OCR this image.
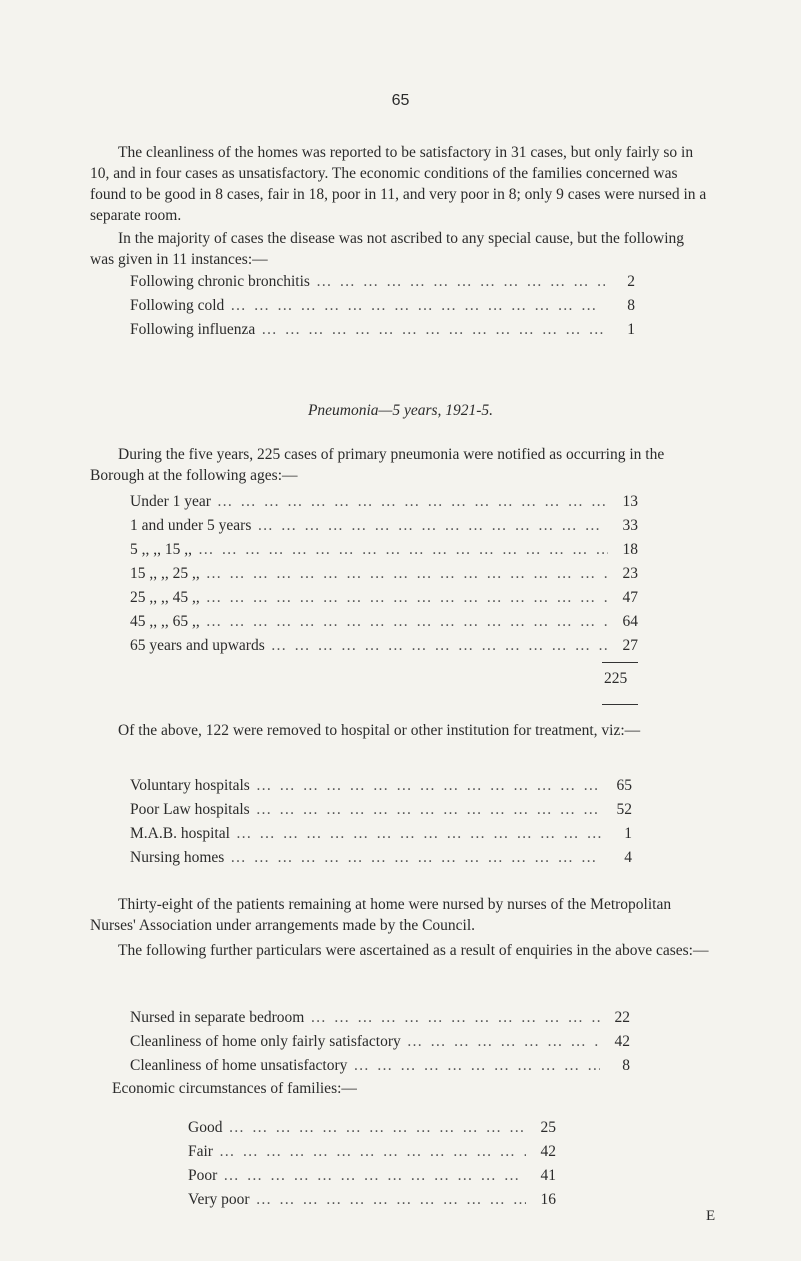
65
The cleanliness of the homes was reported to be satisfactory in 31 cases, but only fairly so in 10, and in four cases as unsatisfactory. The economic conditions of the families concerned was found to be good in 8 cases, fair in 18, poor in 11, and very poor in 8; only 9 cases were nursed in a separate room.
In the majority of cases the disease was not ascribed to any special cause, but the following was given in 11 instances:—
Following chronic bronchitis … … … … … … … … … … … … … … … … … … … … … … … …	2
Following cold … … … … … … … … … … … … … … … … … … … … … … … …	8
Following influenza … … … … … … … … … … … … … … … … … … … … … … … …	1
Pneumonia—5 years, 1921-5.
During the five years, 225 cases of primary pneumonia were notified as occurring in the Borough at the following ages:—
Under 1 year … … … … … … … … … … … … … … … … … … … … … … … …	13
1 and under 5 years … … … … … … … … … … … … … … … … … … … … … … … …	33
5 ,, ,, 15 ,, … … … … … … … … … … … … … … … … … … … … … … … …	18
15 ,, ,, 25 ,, … … … … … … … … … … … … … … … … … … … … … … … …	23
25 ,, ,, 45 ,, … … … … … … … … … … … … … … … … … … … … … … … …	47
45 ,, ,, 65 ,, … … … … … … … … … … … … … … … … … … … … … … … …	64
65 years and upwards … … … … … … … … … … … … … … … … … … … … … … … …	27
225
Of the above, 122 were removed to hospital or other institution for treatment, viz:—
Voluntary hospitals … … … … … … … … … … … … … … … … … … … … … … … …	65
Poor Law hospitals … … … … … … … … … … … … … … … … … … … … … … … …	52
M.A.B. hospital … … … … … … … … … … … … … … … … … … … … … … … …	1
Nursing homes … … … … … … … … … … … … … … … … … … … … … … … …	4
Thirty-eight of the patients remaining at home were nursed by nurses of the Metropolitan Nurses' Association under arrangements made by the Council.
The following further particulars were ascertained as a result of enquiries in the above cases:—
Nursed in separate bedroom … … … … … … … … … … … … … … … … … … … … … … … …	22
Cleanliness of home only fairly satisfactory … … … … … … … … … … … … … … … … … … … … … … … …	42
Cleanliness of home unsatisfactory … … … … … … … … … … … … … … … … … … … … … … … …	8
Economic circumstances of families:—
Good … … … … … … … … … … … … … … … … … … … … … … … …	25
Fair … … … … … … … … … … … … … … … … … … … … … … … …	42
Poor … … … … … … … … … … … … … … … … … … … … … … … …	41
Very poor … … … … … … … … … … … … … … … … … … … … … … … …	16
E
